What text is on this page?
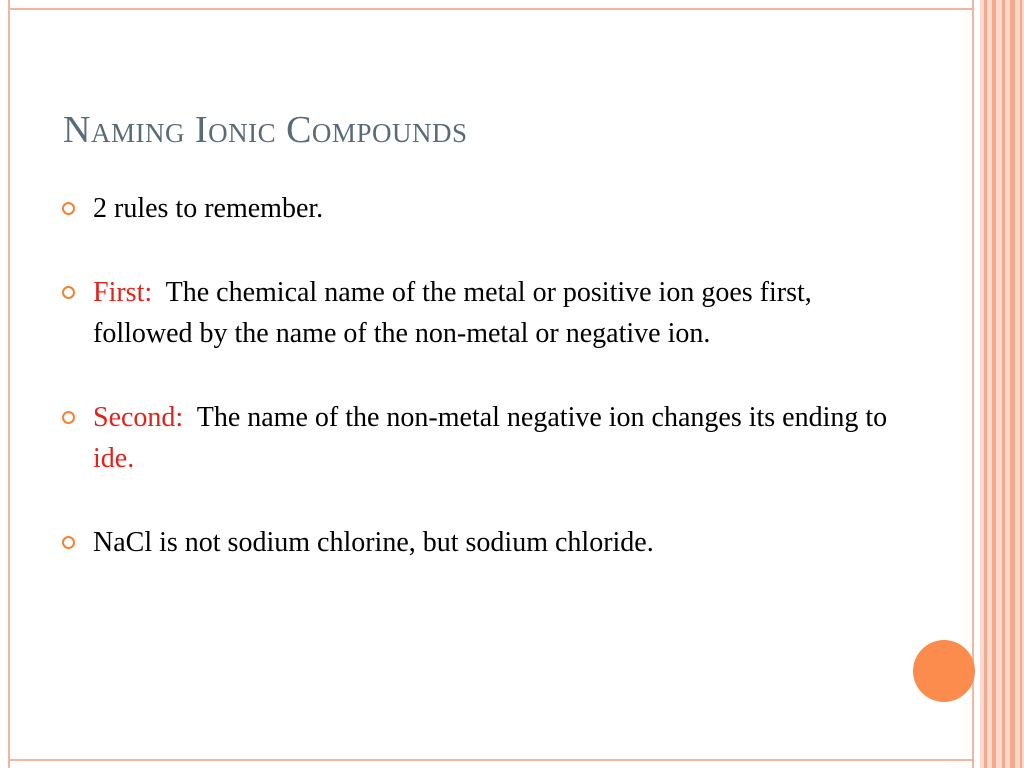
Naming Ionic Compounds
2 rules to remember.
First:  The chemical name of the metal or positive ion goes first, followed by the name of the non-metal or negative ion.
Second:  The name of the non-metal negative ion changes its ending to ide.
NaCl is not sodium chlorine, but sodium chloride.
